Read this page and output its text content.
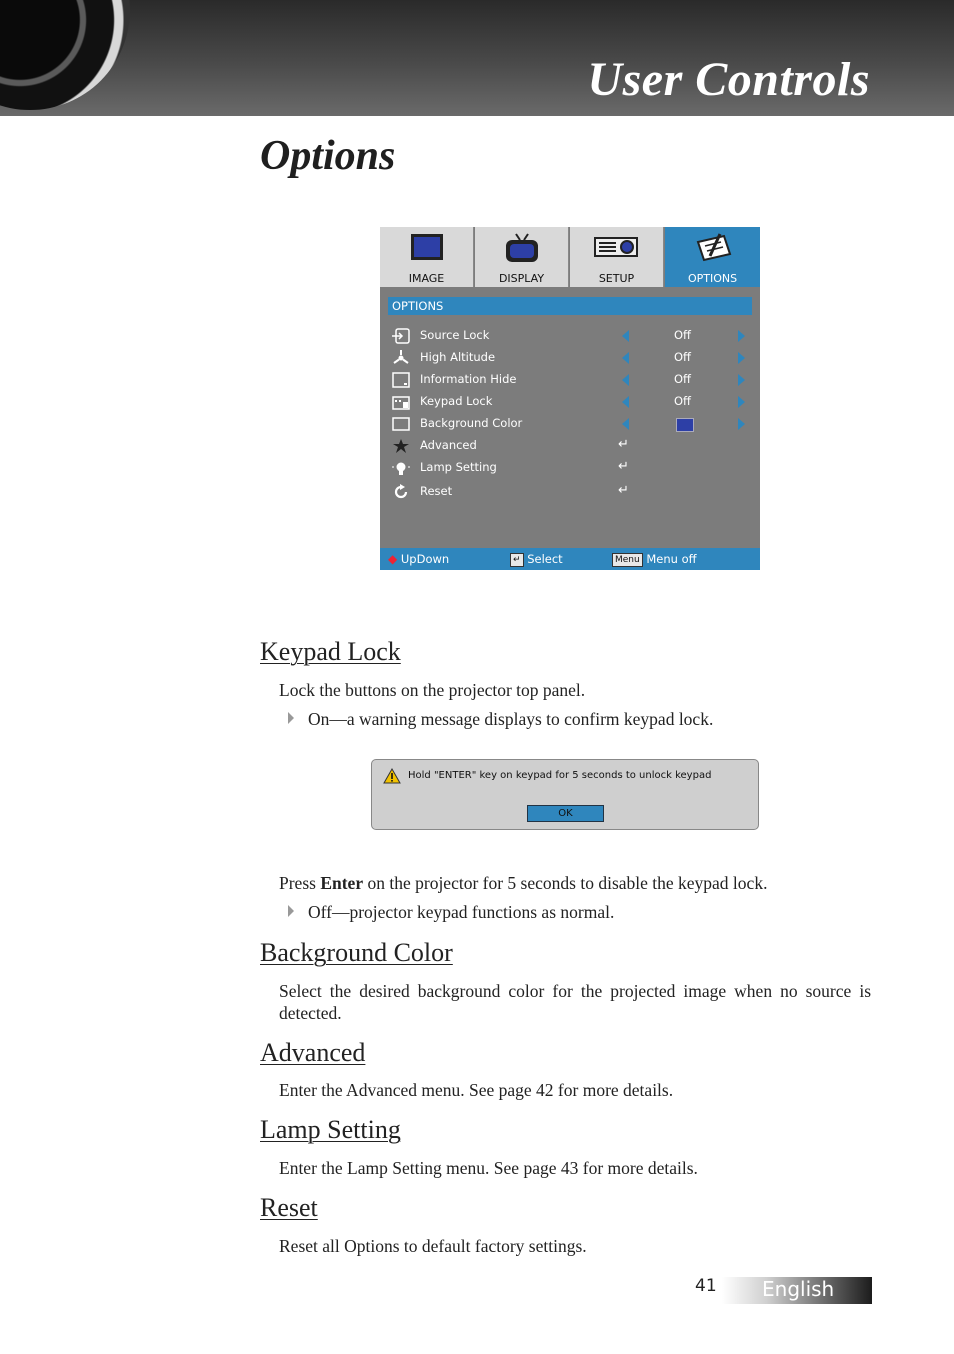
User Controls
Options
IMAGE	DISPLAY	SETUP	OPTIONS
OPTIONS
Source Lock	Off
High Altitude	Off
Information Hide	Off
Keypad Lock	Off
Background Color
Advanced	↵
Lamp Setting	↵
Reset	↵
◆ UpDown	↵ Select	Menu Menu off
Keypad Lock
Lock the buttons on the projector top panel.
On—a warning message displays to confirm keypad lock.
Hold "ENTER" key on keypad for 5 seconds to unlock keypad
OK
Press Enter on the projector for 5 seconds to disable the keypad lock.
Off—projector keypad functions as normal.
Background Color
Select the desired background color for the projected image when no source is detected.
Advanced
Enter the Advanced menu. See page 42 for more details.
Lamp Setting
Enter the Lamp Setting menu. See page 43 for more details.
Reset
Reset all Options to default factory settings.
41 English
